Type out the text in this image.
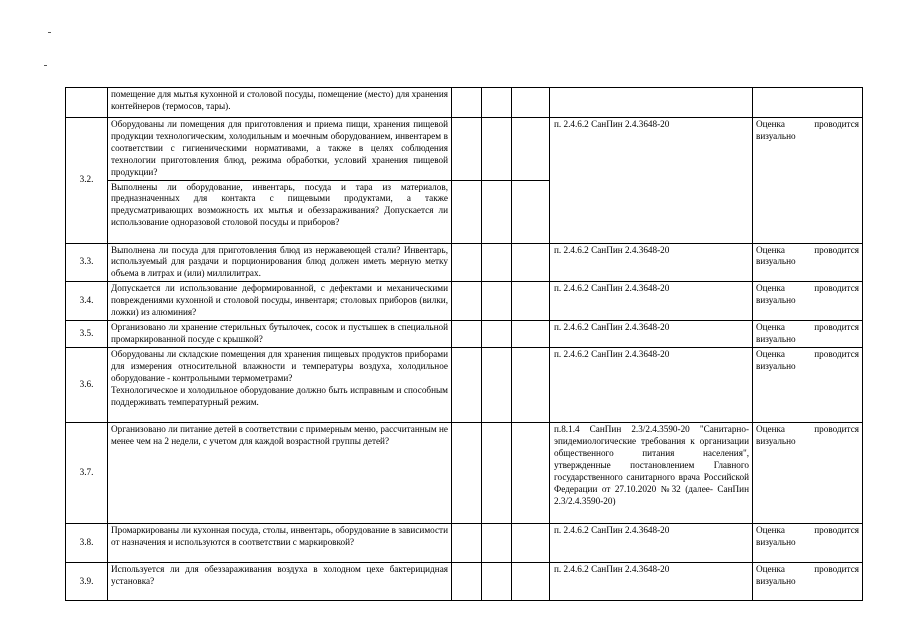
	помещение для мытья кухонной и столовой посуды, помещение (место) для хранения контейнеров (термосов, тары).					

3.2.	Оборудованы ли помещения для приготовления и приема пищи, хранения пищевой продукции технологическим, холодильным и моечным оборудованием, инвентарем в соответствии с гигиеническими нормативами, а также в целях соблюдения технологии приготовления блюд, режима обработки, условий хранения пищевой продукции?				п. 2.4.6.2 СанПин 2.4.3648-20	Оценка проводится визуально

	Выполнены ли оборудование, инвентарь, посуда и тара из материалов, предназначенных для контакта с пищевыми продуктами, а также предусматривающих возможность их мытья и обеззараживания? Допускается ли использование одноразовой столовой посуды и приборов?					

3.3.	Выполнена ли посуда для приготовления блюд из нержавеющей стали? Инвентарь, используемый для раздачи и порционирования блюд должен иметь мерную метку объема в литрах и (или) миллилитрах.				п. 2.4.6.2 СанПин 2.4.3648-20	Оценка проводится визуально
3.4.	Допускается ли использование деформированной, с дефектами и механическими повреждениями кухонной и столовой посуды, инвентаря; столовых приборов (вилки, ложки) из алюминия?				п. 2.4.6.2 СанПин 2.4.3648-20	Оценка проводится визуально
3.5.	Организовано ли хранение стерильных бутылочек, сосок и пустышек в специальной промаркированной посуде с крышкой?				п. 2.4.6.2 СанПин 2.4.3648-20	Оценка проводится визуально
3.6.	Оборудованы ли складские помещения для хранения пищевых продуктов приборами для измерения относительной влажности и температуры воздуха, холодильное оборудование - контрольными термометрами?
Технологическое и холодильное оборудование должно быть исправным и способным поддерживать температурный режим.				п. 2.4.6.2 СанПин 2.4.3648-20	Оценка проводится визуально
3.7.	Организовано ли питание детей в соответствии с примерным меню, рассчитанным не менее чем на 2 недели, с учетом для каждой возрастной группы детей?				п.8.1.4 СанПин 2.3/2.4.3590-20 "Санитарно-эпидемиологические требования к организации общественного питания населения", утвержденные постановлением Главного государственного санитарного врача Российской Федерации от 27.10.2020 №32 (далее- СанПин 2.3/2.4.3590-20)	Оценка проводится визуально
3.8.	Промаркированы ли кухонная посуда, столы, инвентарь, оборудование в зависимости от назначения и используются в соответствии с маркировкой?				п. 2.4.6.2 СанПин 2.4.3648-20	Оценка проводится визуально
3.9.	Используется ли для обеззараживания воздуха в холодном цехе бактерицидная установка?				п. 2.4.6.2 СанПин 2.4.3648-20	Оценка проводится визуально
